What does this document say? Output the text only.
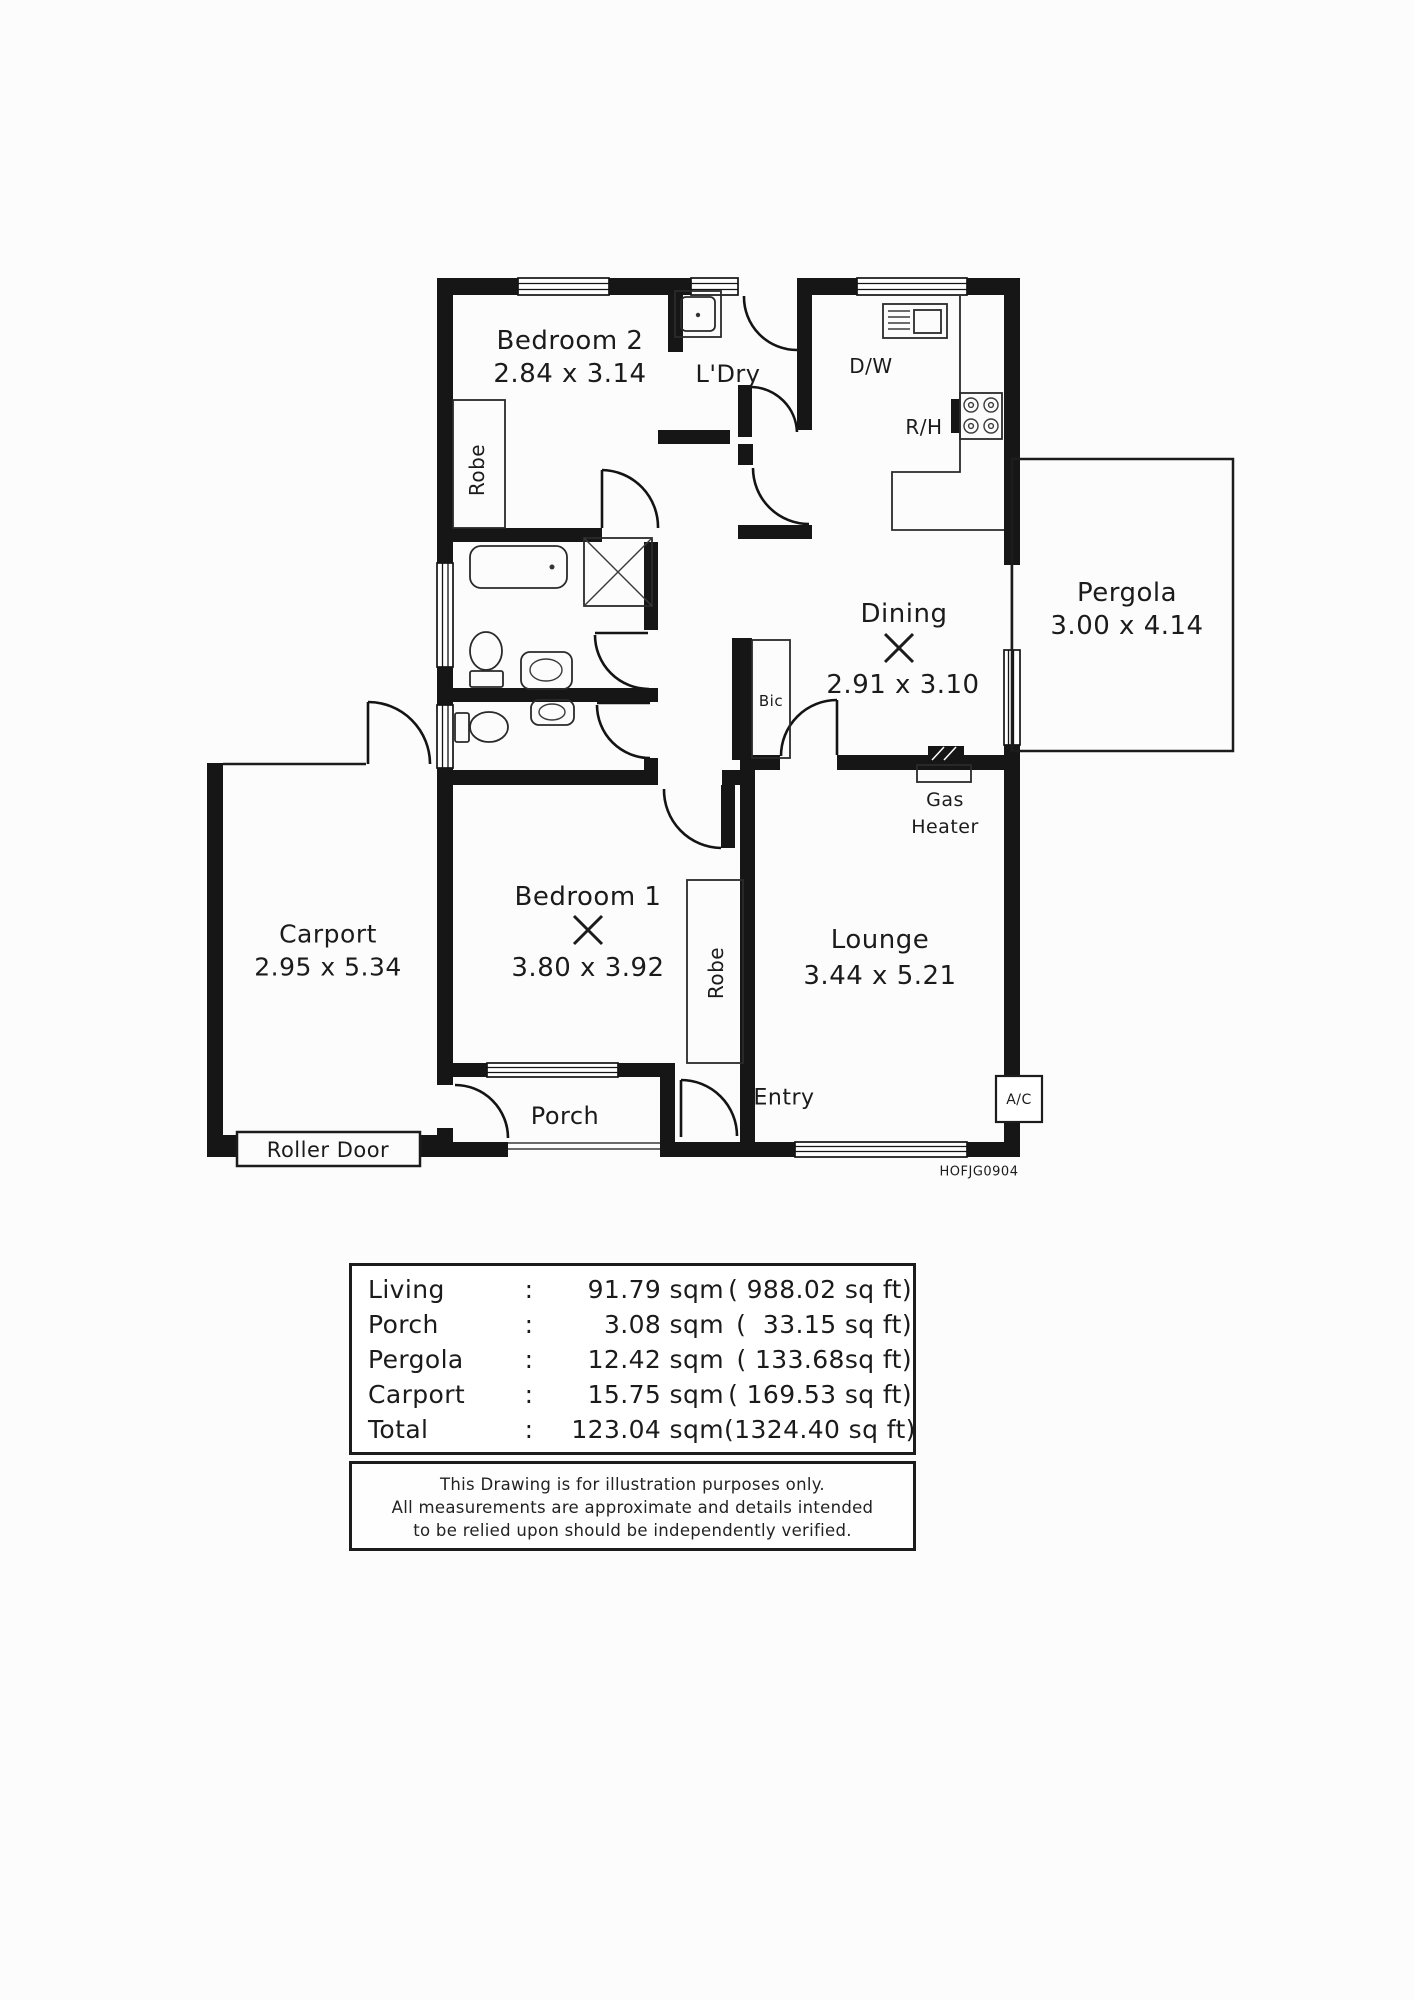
Bedroom 2
2.84 x 3.14 L'Dry	D/W
R/H
Pergola
3.00 x 4.14
Dining
2.91 x 3.10
Bic
Gas
Heater
Carport
2.95 x 5.34
Bedroom 1
3.80 x 3.92
Robe
Robe
Lounge
3.44 x 5.21
Porch
Entry	A/C
Roller Door
HOFJG0904
Living	:	91.79 sqm ( 988.02 sq ft)
Porch	:	3.08 sqm (  33.15 sq ft)
Pergola	:	12.42 sqm ( 133.68sq ft)
Carport	:	15.75 sqm ( 169.53 sq ft)
Total	:	123.04 sqm (1324.40 sq ft)
This Drawing is for illustration purposes only.
All measurements are approximate and details intended
to be relied upon should be independently verified.
